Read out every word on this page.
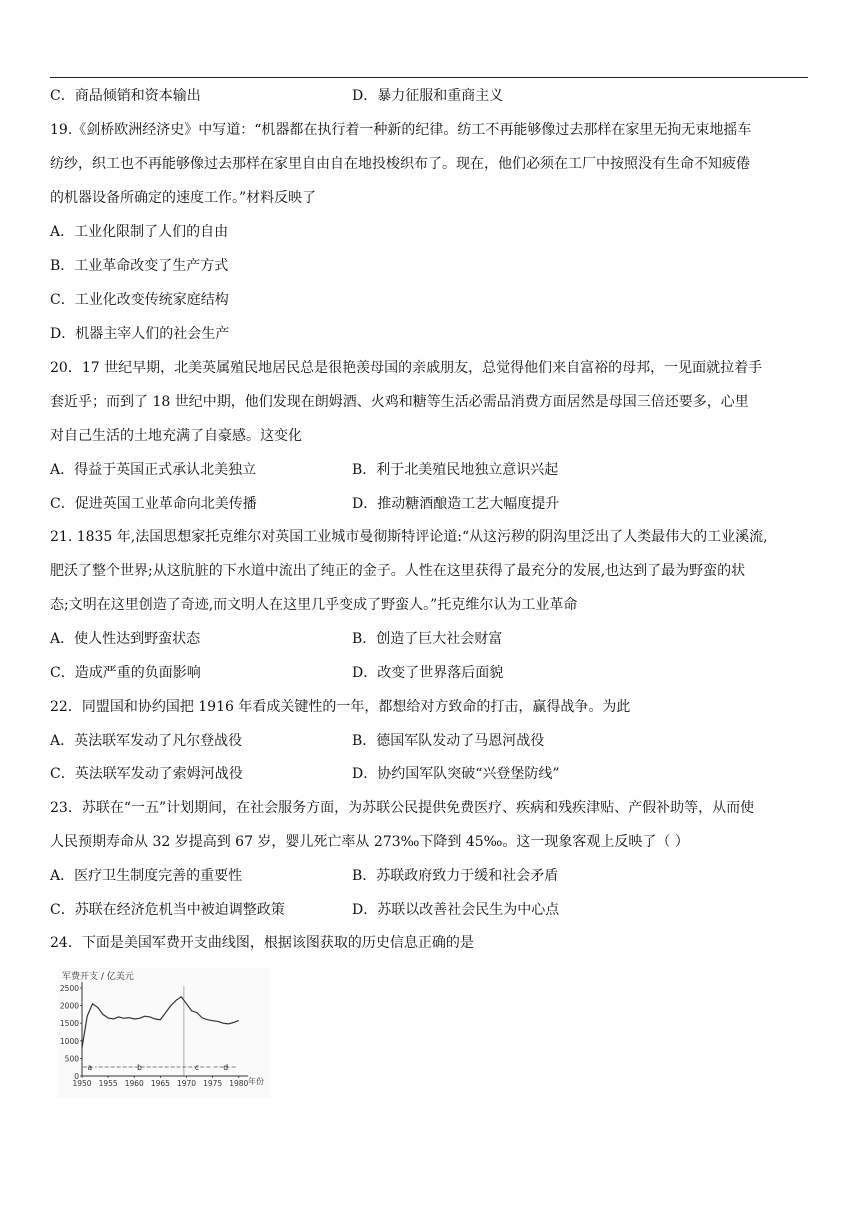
C．商品倾销和资本输出	D．暴力征服和重商主义
19.《剑桥欧洲经济史》中写道：“机器都在执行着一种新的纪律。纺工不再能够像过去那样在家里无拘无束地摇车
纺纱，织工也不再能够像过去那样在家里自由自在地投梭织布了。现在，他们必须在工厂中按照没有生命不知疲倦
的机器设备所确定的速度工作。”材料反映了
A．工业化限制了人们的自由
B．工业革命改变了生产方式
C．工业化改变传统家庭结构
D．机器主宰人们的社会生产
20．17 世纪早期，北美英属殖民地居民总是很艳羡母国的亲戚朋友，总觉得他们来自富裕的母邦，一见面就拉着手
套近乎；而到了 18 世纪中期，他们发现在朗姆酒、火鸡和糖等生活必需品消费方面居然是母国三倍还要多，心里
对自己生活的土地充满了自豪感。这变化
A．得益于英国正式承认北美独立	B．利于北美殖民地独立意识兴起
C．促进英国工业革命向北美传播	D．推动糖酒酿造工艺大幅度提升
21. 1835 年,法国思想家托克维尔对英国工业城市曼彻斯特评论道:“从这污秽的阴沟里泛出了人类最伟大的工业溪流,
肥沃了整个世界;从这肮脏的下水道中流出了纯正的金子。人性在这里获得了最充分的发展,也达到了最为野蛮的状
态;文明在这里创造了奇迹,而文明人在这里几乎变成了野蛮人。”托克维尔认为工业革命
A．使人性达到野蛮状态	B．创造了巨大社会财富
C．造成严重的负面影响	D．改变了世界落后面貌
22．同盟国和协约国把 1916 年看成关键性的一年，都想给对方致命的打击，赢得战争。为此
A．英法联军发动了凡尔登战役	B．德国军队发动了马恩河战役
C．英法联军发动了索姆河战役	D．协约国军队突破“兴登堡防线”
23．苏联在“一五”计划期间，在社会服务方面，为苏联公民提供免费医疗、疾病和残疾津贴、产假补助等，从而使
人民预期寿命从 32 岁提高到 67 岁，婴儿死亡率从 273‰下降到 45‰。这一现象客观上反映了（ ）
A．医疗卫生制度完善的重要性	B．苏联政府致力于缓和社会矛盾
C．苏联在经济危机当中被迫调整政策	D．苏联以改善社会民生为中心点
24．下面是美国军费开支曲线图，根据该图获取的历史信息正确的是
军费开支 / 亿美元
年份
2500
2000
1500
1000
500
0
1950 1955 1960 1965 1970 1975 1980
a	b	c	d
